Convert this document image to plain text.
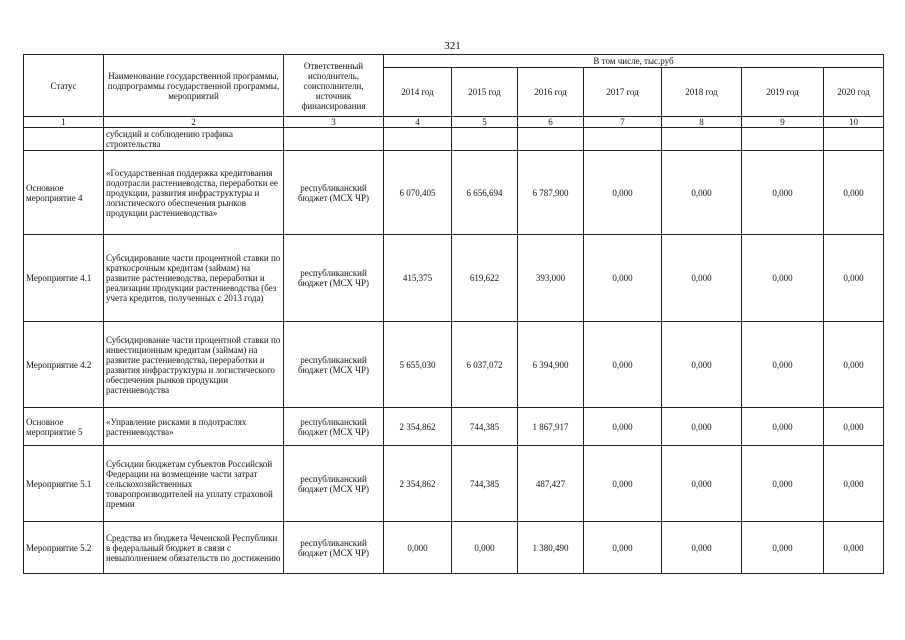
321
Статус	Наименование государственной программы, подпрограммы государственной программы, мероприятий	Ответственный исполнитель, соисполнители, источник финансирования	В том числе, тыс.руб						
			2014 год	2015 год	2016 год	2017 год	2018 год	2019 год	2020 год
1	2	3	4	5	6	7	8	9	10
	субсидий и соблюдению графика строительства								
Основное мероприятие 4	«Государственная поддержка кредитования подотрасли растениеводства, переработки ее продукции, развития инфраструктуры и логистического обеспечения рынков продукции растениеводства»	республиканский бюджет (МСХ ЧР)	6 070,405	6 656,694	6 787,900	0,000	0,000	0,000	0,000
Мероприятие 4.1	Субсидирование части процентной ставки по краткосрочным кредитам (займам) на развитие растениеводства, переработки и реализации продукции растениеводства (без учета кредитов, полученных с 2013 года)	республиканский бюджет (МСХ ЧР)	415,375	619,622	393,000	0,000	0,000	0,000	0,000
Мероприятие 4.2	Субсидирование части процентной ставки по инвестиционным кредитам (займам) на развитие растениеводства, переработки и развития инфраструктуры и логистического обеспечения рынков продукции растениеводства	республиканский бюджет (МСХ ЧР)	5 655,030	6 037,072	6 394,900	0,000	0,000	0,000	0,000
Основное мероприятие 5	«Управление рисками в подотраслях растениеводства»	республиканский бюджет (МСХ ЧР)	2 354,862	744,385	1 867,917	0,000	0,000	0,000	0,000
Мероприятие 5.1	Субсидии бюджетам субъектов Российской Федерации на возмещение части затрат сельскохозяйственных товаропроизводителей на уплату страховой премии	республиканский бюджет (МСХ ЧР)	2 354,862	744,385	487,427	0,000	0,000	0,000	0,000
Мероприятие 5.2	Средства из бюджета Чеченской Республики в федеральный бюджет в связи с невыполнением обязательств по достижению	республиканский бюджет (МСХ ЧР)	0,000	0,000	1 380,490	0,000	0,000	0,000	0,000
